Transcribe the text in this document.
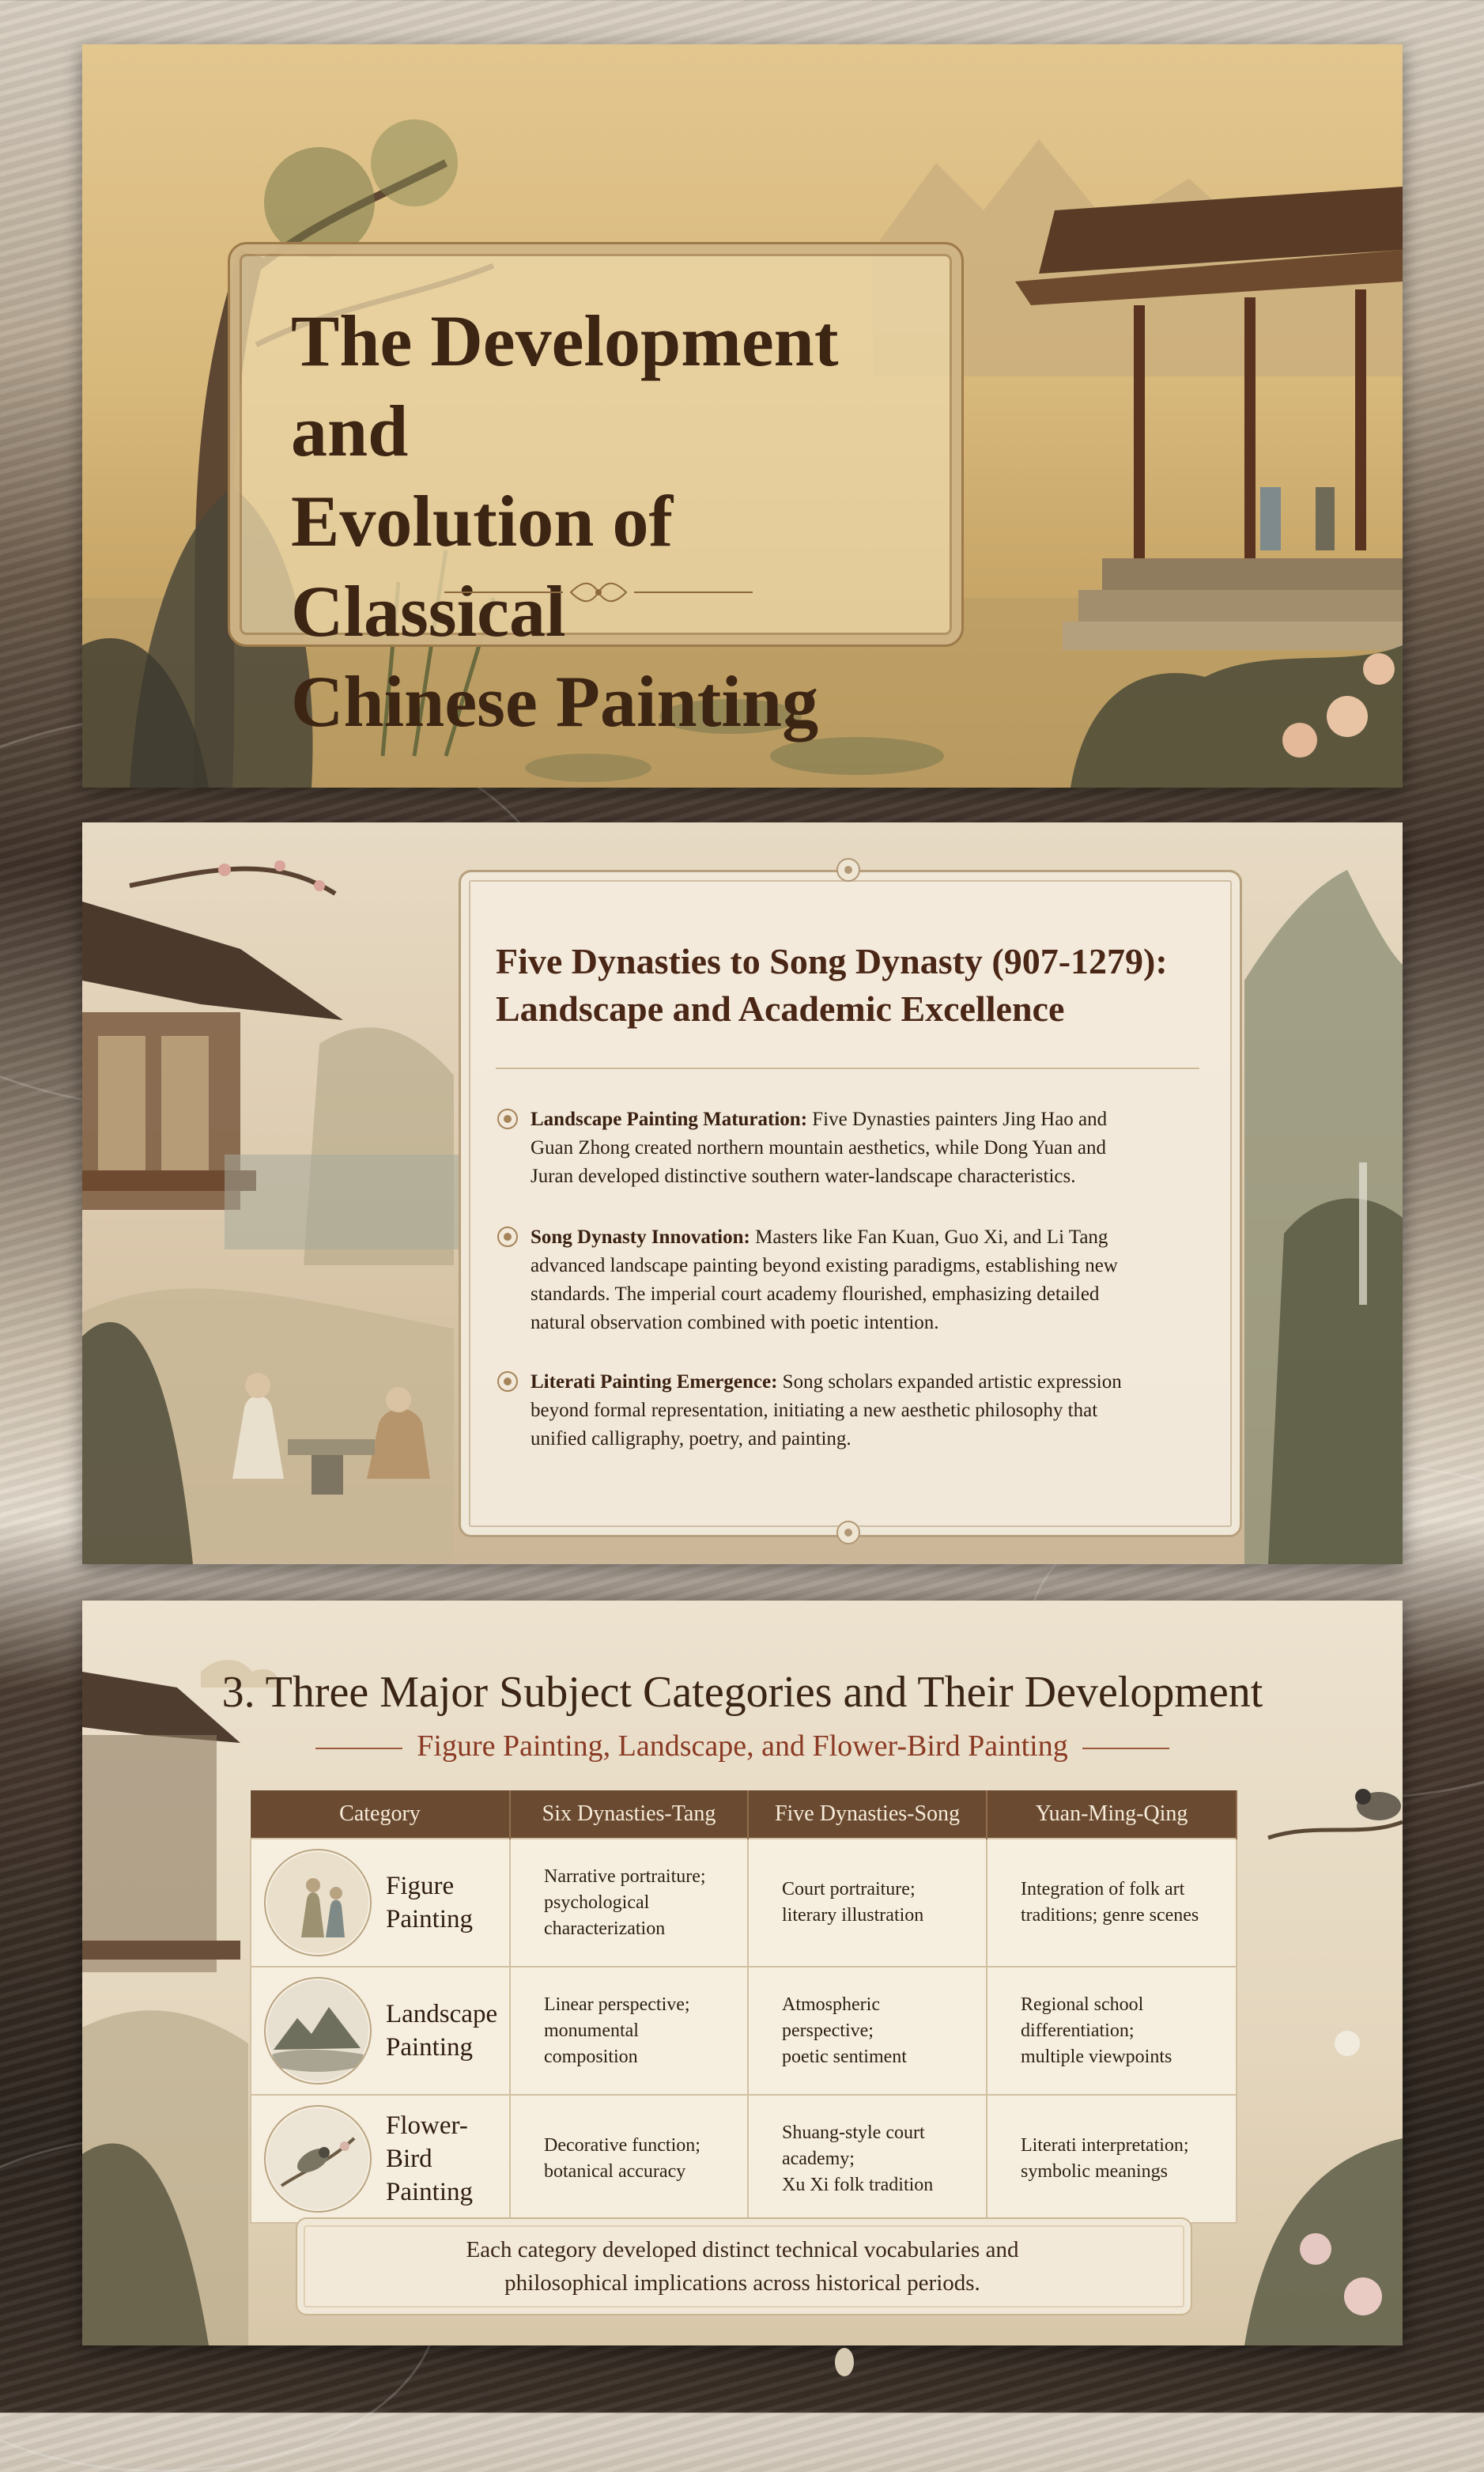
The Development and
Evolution of Classical
Chinese Painting
Five Dynasties to Song Dynasty (907-1279):
Landscape and Academic Excellence

Landscape Painting Maturation: Five Dynasties painters Jing Hao and
Guan Zhong created northern mountain aesthetics, while Dong Yuan and
Juran developed distinctive southern water-landscape characteristics.

Song Dynasty Innovation: Masters like Fan Kuan, Guo Xi, and Li Tang
advanced landscape painting beyond existing paradigms, establishing new
standards. The imperial court academy flourished, emphasizing detailed
natural observation combined with poetic intention.

Literati Painting Emergence: Song scholars expanded artistic expression
beyond formal representation, initiating a new aesthetic philosophy that
unified calligraphy, poetry, and painting.

3. Three Major Subject Categories and Their Development
Figure Painting, Landscape, and Flower-Bird Painting
Category	Six Dynasties-Tang	Five Dynasties-Song	Yuan-Ming-Qing

Figure
Painting	Narrative portraiture;
psychological
characterization	Court portraiture;
literary illustration	Integration of folk art
traditions; genre scenes

Landscape
Painting	Linear perspective;
monumental
composition	Atmospheric
perspective;
poetic sentiment	Regional school
differentiation;
multiple viewpoints

Flower-Bird
Painting	Decorative function;
botanical accuracy	Shuang-style court
academy;
Xu Xi folk tradition	Literati interpretation;
symbolic meanings

Each category developed distinct technical vocabularies and
philosophical implications across historical periods.
